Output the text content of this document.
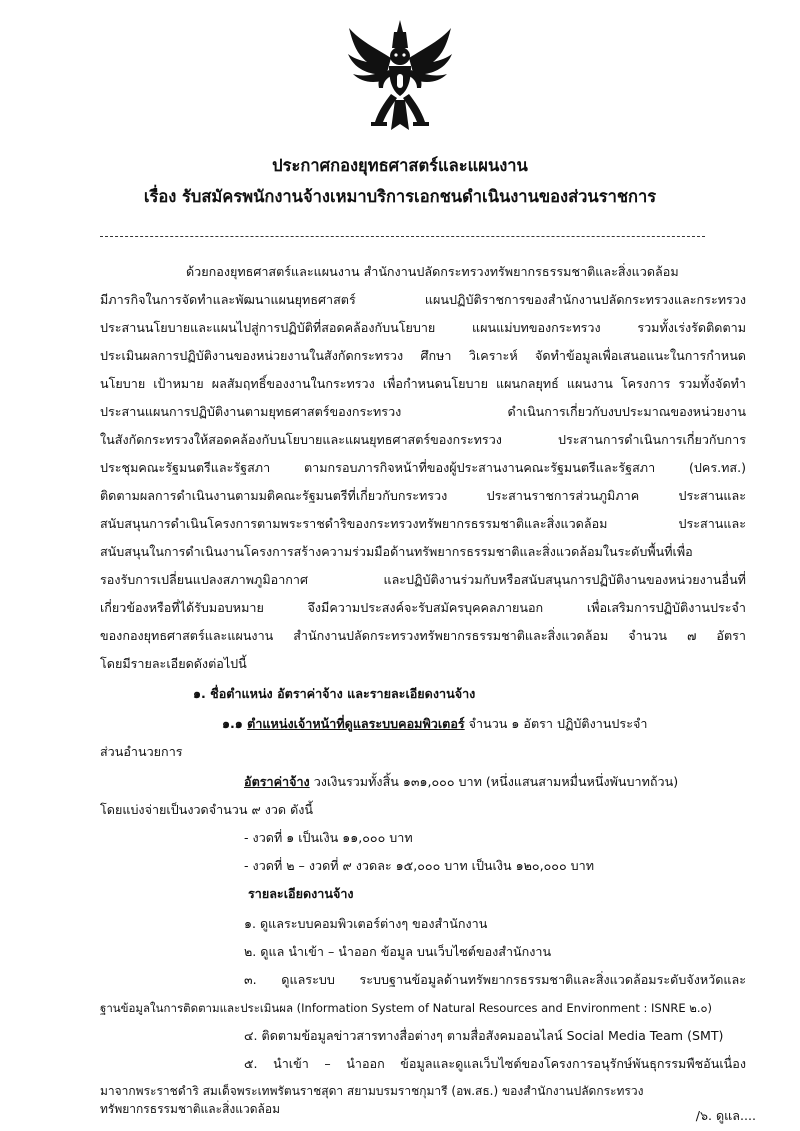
ประกาศกองยุทธศาสตร์และแผนงาน
เรื่อง รับสมัครพนักงานจ้างเหมาบริการเอกชนดำเนินงานของส่วนราชการ
ด้วยกองยุทธศาสตร์และแผนงาน สำนักงานปลัดกระทรวงทรัพยากรธรรมชาติและสิ่งแวดล้อม
มีภารกิจในการจัดทำและพัฒนาแผนยุทธศาสตร์ แผนปฏิบัติราชการของสำนักงานปลัดกระทรวงและกระทรวง
ประสานนโยบายและแผนไปสู่การปฏิบัติที่สอดคล้องกับนโยบาย แผนแม่บทของกระทรวง รวมทั้งเร่งรัดติดตาม
ประเมินผลการปฏิบัติงานของหน่วยงานในสังกัดกระทรวง ศึกษา วิเคราะห์ จัดทำข้อมูลเพื่อเสนอแนะในการกำหนด
นโยบาย เป้าหมาย ผลสัมฤทธิ์ของงานในกระทรวง เพื่อกำหนดนโยบาย แผนกลยุทธ์ แผนงาน โครงการ รวมทั้งจัดทำ
ประสานแผนการปฏิบัติงานตามยุทธศาสตร์ของกระทรวง ดำเนินการเกี่ยวกับงบประมาณของหน่วยงาน
ในสังกัดกระทรวงให้สอดคล้องกับนโยบายและแผนยุทธศาสตร์ของกระทรวง ประสานการดำเนินการเกี่ยวกับการ
ประชุมคณะรัฐมนตรีและรัฐสภา ตามกรอบภารกิจหน้าที่ของผู้ประสานงานคณะรัฐมนตรีและรัฐสภา (ปคร.ทส.)
ติดตามผลการดำเนินงานตามมติคณะรัฐมนตรีที่เกี่ยวกับกระทรวง ประสานราชการส่วนภูมิภาค ประสานและ
สนับสนุนการดำเนินโครงการตามพระราชดำริของกระทรวงทรัพยากรธรรมชาติและสิ่งแวดล้อม ประสานและ
สนับสนุนในการดำเนินงานโครงการสร้างความร่วมมือด้านทรัพยากรธรรมชาติและสิ่งแวดล้อมในระดับพื้นที่เพื่อ
รองรับการเปลี่ยนแปลงสภาพภูมิอากาศ และปฏิบัติงานร่วมกับหรือสนับสนุนการปฏิบัติงานของหน่วยงานอื่นที่
เกี่ยวข้องหรือที่ได้รับมอบหมาย จึงมีความประสงค์จะรับสมัครบุคคลภายนอก เพื่อเสริมการปฏิบัติงานประจำ
ของกองยุทธศาสตร์และแผนงาน สำนักงานปลัดกระทรวงทรัพยากรธรรมชาติและสิ่งแวดล้อม จำนวน ๗ อัตรา
โดยมีรายละเอียดดังต่อไปนี้
๑. ชื่อตำแหน่ง อัตราค่าจ้าง และรายละเอียดงานจ้าง
๑.๑ ตำแหน่งเจ้าหน้าที่ดูแลระบบคอมพิวเตอร์ จำนวน ๑ อัตรา ปฏิบัติงานประจำ
ส่วนอำนวยการ
อัตราค่าจ้าง วงเงินรวมทั้งสิ้น ๑๓๑,๐๐๐ บาท (หนึ่งแสนสามหมื่นหนึ่งพันบาทถ้วน)
โดยแบ่งจ่ายเป็นงวดจำนวน ๙ งวด ดังนี้
- งวดที่ ๑ เป็นเงิน ๑๑,๐๐๐ บาท
- งวดที่ ๒ – งวดที่ ๙ งวดละ ๑๕,๐๐๐ บาท เป็นเงิน ๑๒๐,๐๐๐ บาท
รายละเอียดงานจ้าง
๑. ดูแลระบบคอมพิวเตอร์ต่างๆ ของสำนักงาน
๒. ดูแล นำเข้า – นำออก ข้อมูล บนเว็บไซต์ของสำนักงาน
๓. ดูแลระบบ ระบบฐานข้อมูลด้านทรัพยากรธรรมชาติและสิ่งแวดล้อมระดับจังหวัดและ
ฐานข้อมูลในการติดตามและประเมินผล (Information System of Natural Resources and Environment : ISNRE ๒.๐)
๔. ติดตามข้อมูลข่าวสารทางสื่อต่างๆ ตามสื่อสังคมออนไลน์ Social Media Team (SMT)
๕. นำเข้า – นำออก ข้อมูลและดูแลเว็บไซต์ของโครงการอนุรักษ์พันธุกรรมพืชอันเนื่อง
มาจากพระราชดำริ สมเด็จพระเทพรัตนราชสุดา สยามบรมราชกุมารี (อพ.สธ.) ของสำนักงานปลัดกระทรวง
ทรัพยากรธรรมชาติและสิ่งแวดล้อม	/๖. ดูแล....
